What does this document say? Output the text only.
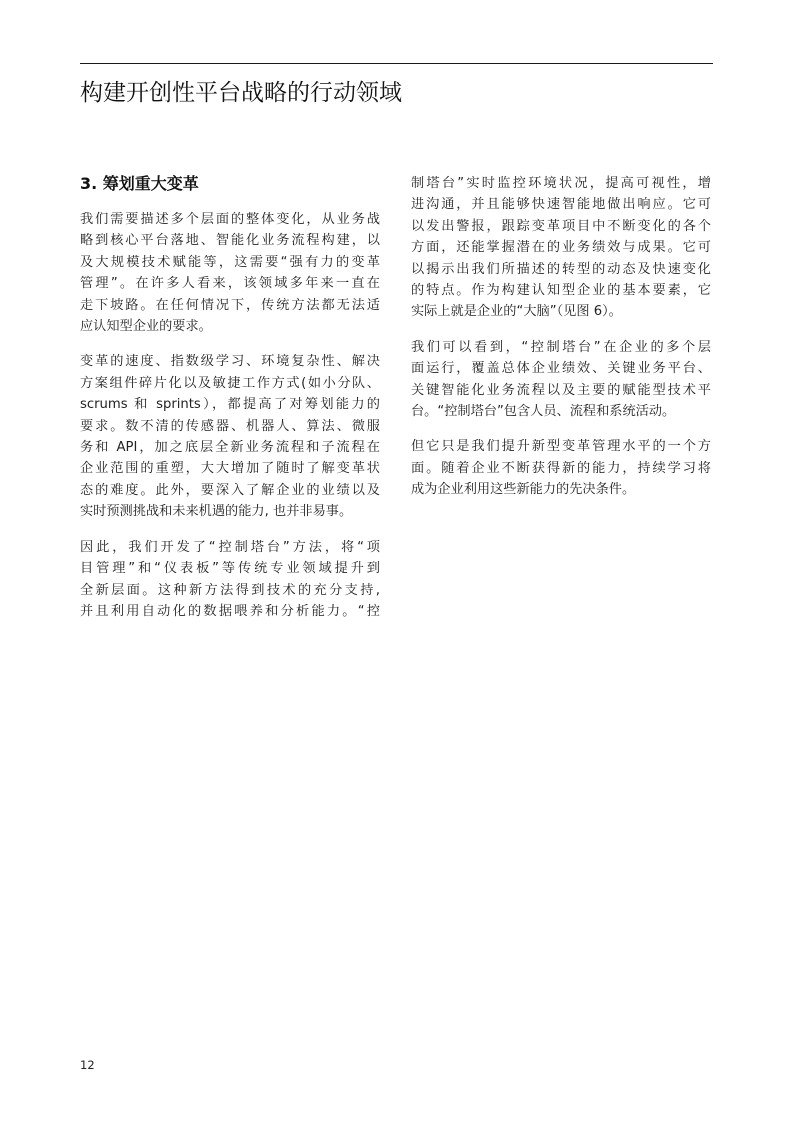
构建开创性平台战略的行动领域
3. 筹划重大变革
我们需要描述多个层面的整体变化，从业务战
略到核心平台落地、智能化业务流程构建，以
及大规模技术赋能等，这需要“强有力的变革
管理”。在许多人看来，该领域多年来一直在
走下坡路。在任何情况下，传统方法都无法适
应认知型企业的要求。
变革的速度、指数级学习、环境复杂性、解决
方案组件碎片化以及敏捷工作方式(如小分队、
scrums 和 sprints），都提高了对筹划能力的
要求。数不清的传感器、机器人、算法、微服
务和 API，加之底层全新业务流程和子流程在
企业范围的重塑，大大增加了随时了解变革状
态的难度。此外，要深入了解企业的业绩以及
实时预测挑战和未来机遇的能力, 也并非易事。
因此，我们开发了“控制塔台”方法，将“项
目管理”和“仪表板”等传统专业领域提升到
全新层面。这种新方法得到技术的充分支持,
并且利用自动化的数据喂养和分析能力。“控
制塔台”实时监控环境状况，提高可视性，增
进沟通，并且能够快速智能地做出响应。它可
以发出警报，跟踪变革项目中不断变化的各个
方面，还能掌握潜在的业务绩效与成果。它可
以揭示出我们所描述的转型的动态及快速变化
的特点。作为构建认知型企业的基本要素，它
实际上就是企业的“大脑”（见图 6）。
我们可以看到，“控制塔台”在企业的多个层
面运行，覆盖总体企业绩效、关键业务平台、
关键智能化业务流程以及主要的赋能型技术平
台。“控制塔台”包含人员、流程和系统活动。
但它只是我们提升新型变革管理水平的一个方
面。随着企业不断获得新的能力，持续学习将
成为企业利用这些新能力的先决条件。
12
